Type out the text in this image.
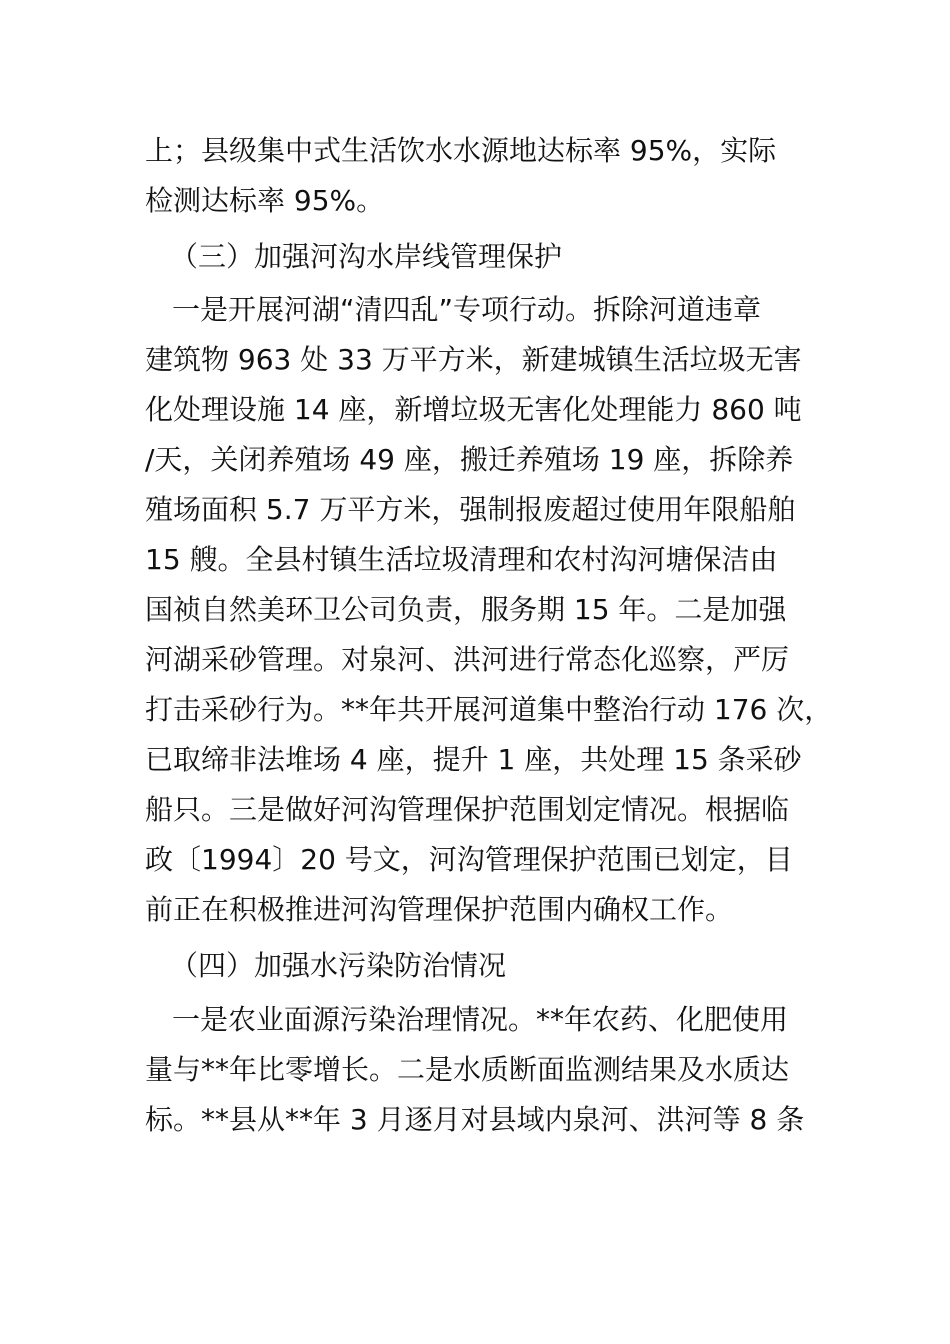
上；县级集中式生活饮水水源地达标率 95%，实际
检测达标率 95%。
（三）加强河沟水岸线管理保护
一是开展河湖“清四乱”专项行动。拆除河道违章
建筑物 963 处 33 万平方米，新建城镇生活垃圾无害
化处理设施 14 座，新增垃圾无害化处理能力 860 吨
/天，关闭养殖场 49 座，搬迁养殖场 19 座，拆除养
殖场面积 5.7 万平方米，强制报废超过使用年限船舶
15 艘。全县村镇生活垃圾清理和农村沟河塘保洁由
国祯自然美环卫公司负责，服务期 15 年。二是加强
河湖采砂管理。对泉河、洪河进行常态化巡察，严厉
打击采砂行为。**年共开展河道集中整治行动 176 次，
已取缔非法堆场 4 座，提升 1 座，共处理 15 条采砂
船只。三是做好河沟管理保护范围划定情况。根据临
政〔1994〕20 号文，河沟管理保护范围已划定，目
前正在积极推进河沟管理保护范围内确权工作。
（四）加强水污染防治情况
一是农业面源污染治理情况。**年农药、化肥使用
量与**年比零增长。二是水质断面监测结果及水质达
标。**县从**年 3 月逐月对县域内泉河、洪河等 8 条
